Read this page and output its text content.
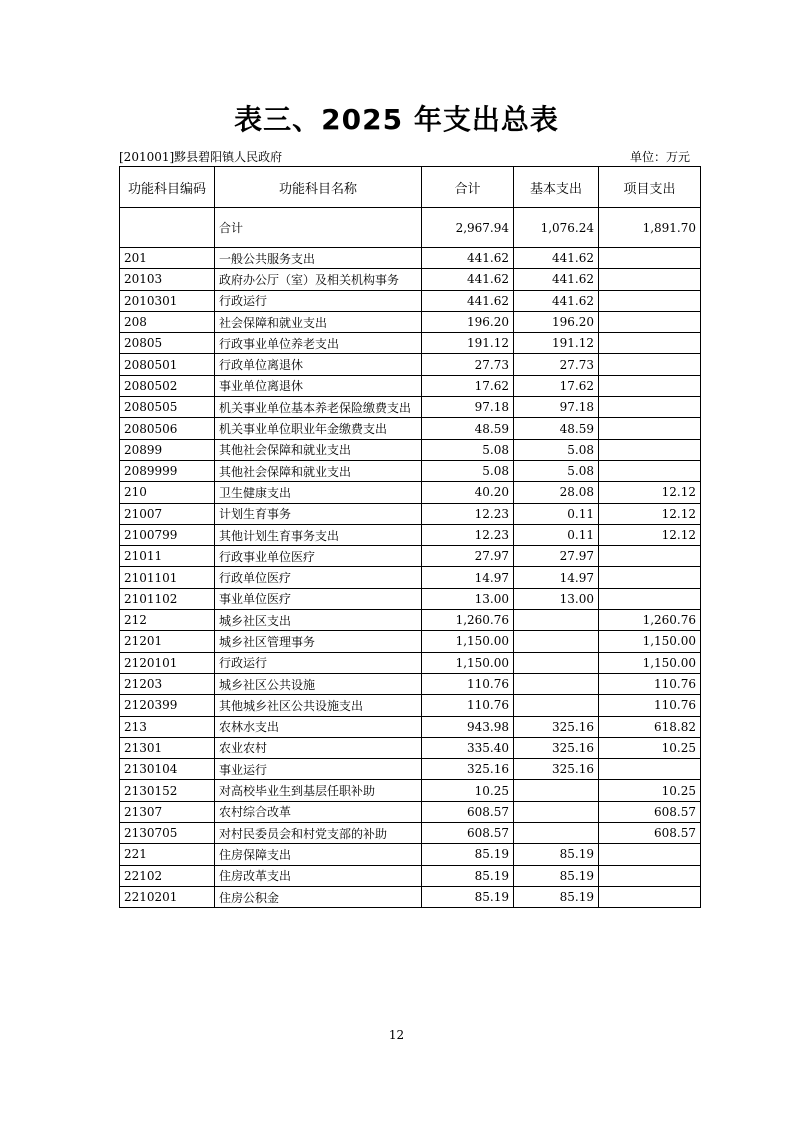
表三、2025 年支出总表
[201001]黟县碧阳镇人民政府	单位：万元
功能科目编码	功能科目名称	合计	基本支出	项目支出
	合计	2,967.94	1,076.24	1,891.70
201	一般公共服务支出	441.62	441.62	
20103	政府办公厅（室）及相关机构事务	441.62	441.62	
2010301	行政运行	441.62	441.62	
208	社会保障和就业支出	196.20	196.20	
20805	行政事业单位养老支出	191.12	191.12	
2080501	行政单位离退休	27.73	27.73	
2080502	事业单位离退休	17.62	17.62	
2080505	机关事业单位基本养老保险缴费支出	97.18	97.18	
2080506	机关事业单位职业年金缴费支出	48.59	48.59	
20899	其他社会保障和就业支出	5.08	5.08	
2089999	其他社会保障和就业支出	5.08	5.08	
210	卫生健康支出	40.20	28.08	12.12
21007	计划生育事务	12.23	0.11	12.12
2100799	其他计划生育事务支出	12.23	0.11	12.12
21011	行政事业单位医疗	27.97	27.97	
2101101	行政单位医疗	14.97	14.97	
2101102	事业单位医疗	13.00	13.00	
212	城乡社区支出	1,260.76		1,260.76
21201	城乡社区管理事务	1,150.00		1,150.00
2120101	行政运行	1,150.00		1,150.00
21203	城乡社区公共设施	110.76		110.76
2120399	其他城乡社区公共设施支出	110.76		110.76
213	农林水支出	943.98	325.16	618.82
21301	农业农村	335.40	325.16	10.25
2130104	事业运行	325.16	325.16	
2130152	对高校毕业生到基层任职补助	10.25		10.25
21307	农村综合改革	608.57		608.57
2130705	对村民委员会和村党支部的补助	608.57		608.57
221	住房保障支出	85.19	85.19	
22102	住房改革支出	85.19	85.19	
2210201	住房公积金	85.19	85.19	
12
